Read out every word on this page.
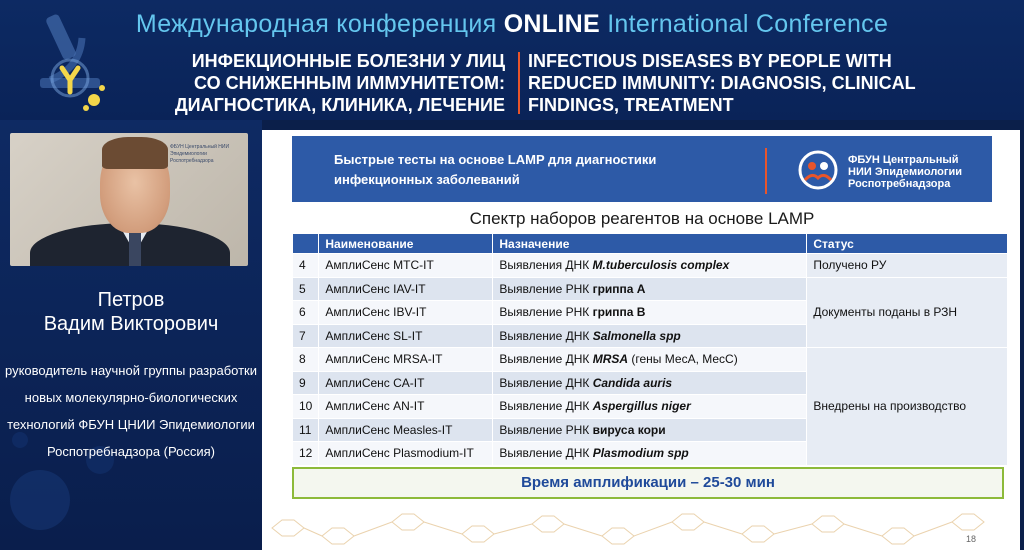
Международная конференция ONLINE International Conference
ИНФЕКЦИОННЫЕ БОЛЕЗНИ У ЛИЦ
СО СНИЖЕННЫМ ИММУНИТЕТОМ:
ДИАГНОСТИКА, КЛИНИКА, ЛЕЧЕНИЕ
INFECTIOUS DISEASES BY PEOPLE WITH
REDUCED IMMUNITY: DIAGNOSIS, CLINICAL
FINDINGS, TREATMENT
ФБУН Центральный НИИ
Эпидемиологии
Роспотребнадзора
Петров
Вадим Викторович
руководитель научной группы разработки
новых молекулярно-биологических
технологий ФБУН ЦНИИ Эпидемиологии
Роспотребнадзора (Россия)
Быстрые тесты на основе LAMP для диагностики
инфекционных заболеваний
ФБУН Центральный
НИИ Эпидемиологии
Роспотребнадзора
Спектр наборов реагентов на основе LAMP
	Наименование	Назначение	Статус
4	АмплиСенс MTC-IT	Выявления ДНК M.tuberculosis complex	Получено РУ
5	АмплиСенс IAV-IT	Выявление РНК гриппа А	Документы поданы в РЗН
6	АмплиСенс IBV-IT	Выявление РНК гриппа В	
7	АмплиСенс SL-IT	Выявление ДНК Salmonella spp	
8	АмплиСенс MRSA-IT	Выявление ДНК MRSA (гены МесА, МесС)	Внедрены на производство
9	АмплиСенс CA-IT	Выявление ДНК Candida auris	
10	АмплиСенс AN-IT	Выявление ДНК Aspergillus niger	
11	АмплиСенс Measles-IT	Выявление РНК вируса кори	
12	АмплиСенс Plasmodium-IT	Выявление ДНК Plasmodium spp	
Время амплификации – 25-30 мин
18
